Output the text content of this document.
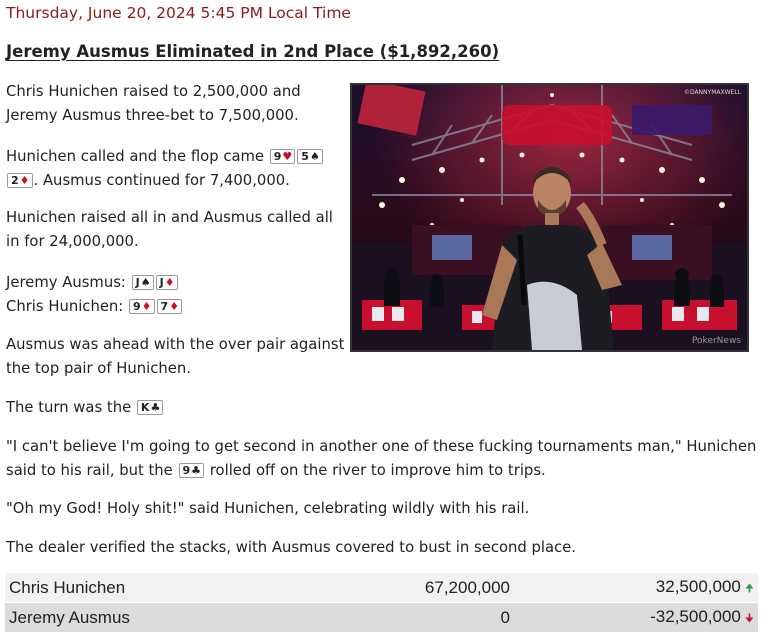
Thursday, June 20, 2024 5:45 PM Local Time
Jeremy Ausmus Eliminated in 2nd Place ($1,892,260)
Chris Hunichen raised to 2,500,000 and Jeremy Ausmus three-bet to 7,500,000.
Hunichen called and the flop came 9♥ 5♠2♦ . Ausmus continued for 7,400,000.
Hunichen raised all in and Ausmus called all in for 24,000,000.
Jeremy Ausmus: J♠ J♦
Chris Hunichen: 9♦ 7♦
Ausmus was ahead with the over pair against the top pair of Hunichen.
The turn was the K♣
"I can't believe I'm going to get second in another one of these fucking tournaments man," Hunichen said to his rail, but the 9♣ rolled off on the river to improve him to trips.
"Oh my God! Holy shit!" said Hunichen, celebrating wildly with his rail.
The dealer verified the stacks, with Ausmus covered to bust in second place.
©DANNYMAXWELL
PokerNews
Chris Hunichen	67,200,000	32,500,000 🠉
Jeremy Ausmus	0	-32,500,000 🠋
